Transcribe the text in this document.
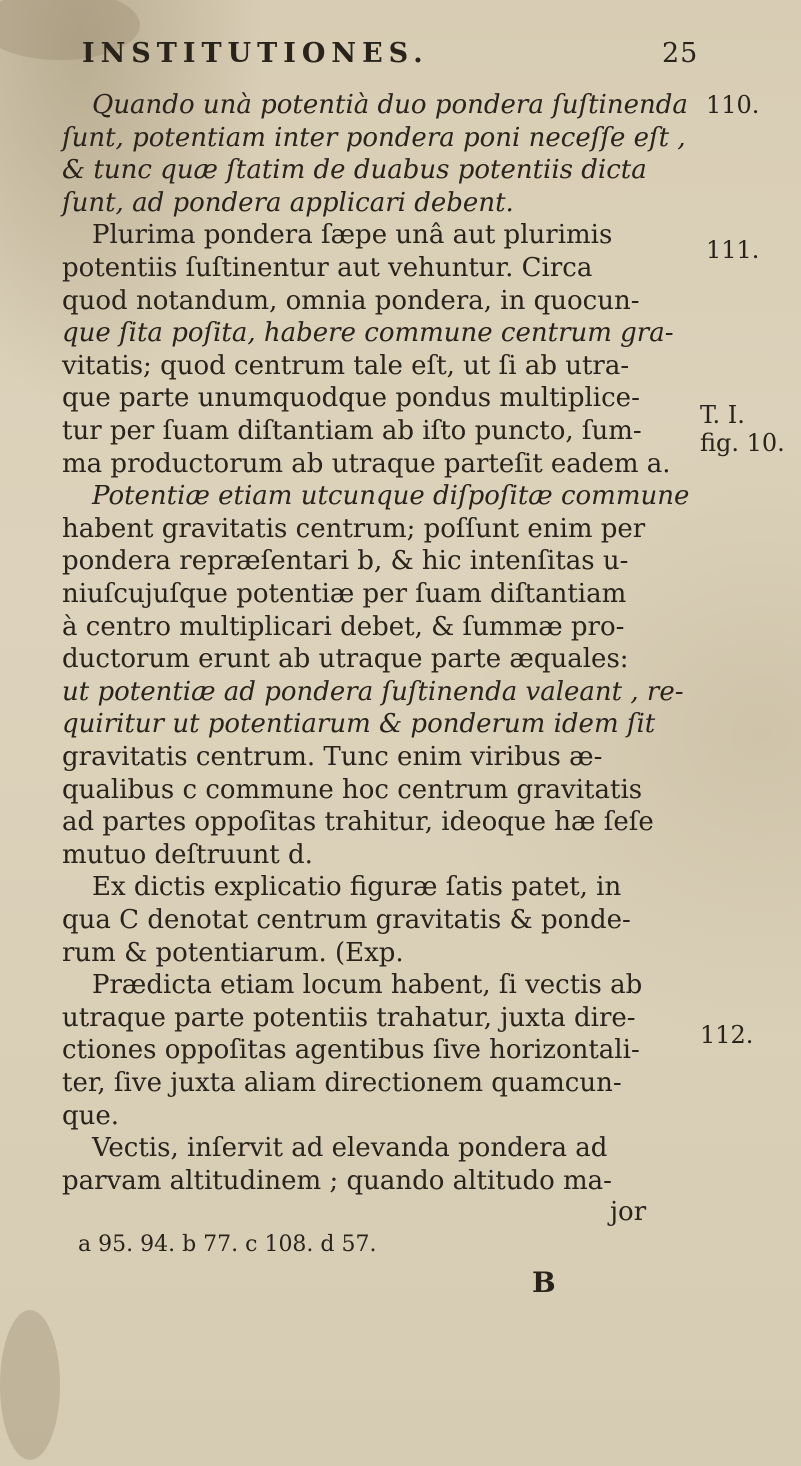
INSTITUTIONES.	25
Quando unà potentià duo pondera ſuſtinenda
ſunt, potentiam inter pondera poni neceſſe eſt ,
& tunc quæ ſtatim de duabus potentiis dicta
ſunt, ad pondera applicari debent.
Plurima pondera ſæpe unâ aut plurimis
potentiis ſuſtinentur aut vehuntur. Circa
quod notandum, omnia pondera, in quocun-
que ſita poſita, habere commune centrum gra-
vitatis; quod centrum tale eſt, ut ſi ab utra-
que parte unumquodque pondus multiplice-
tur per ſuam diſtantiam ab iſto puncto, ſum-
ma productorum ab utraque parteſit eadem a.
Potentiæ etiam utcunque diſpoſitæ commune
habent gravitatis centrum; poſſunt enim per
pondera repræſentari b, & hic intenſitas u-
niuſcujuſque potentiæ per ſuam diſtantiam
à centro multiplicari debet, & ſummæ pro-
ductorum erunt ab utraque parte æquales:
ut potentiæ ad pondera ſuſtinenda valeant , re-
quiritur ut potentiarum & ponderum idem ſit
gravitatis centrum. Tunc enim viribus æ-
qualibus c commune hoc centrum gravitatis
ad partes oppoſitas trahitur, ideoque hæ ſeſe
mutuo deſtruunt d.
Ex dictis explicatio figuræ ſatis patet, in
qua C denotat centrum gravitatis & ponde-
rum & potentiarum. (Exp.
Prædicta etiam locum habent, ſi vectis ab
utraque parte potentiis trahatur, juxta dire-
ctiones oppoſitas agentibus ſive horizontali-
ter, ſive juxta aliam directionem quamcun-
que.
Vectis, inſervit ad elevanda pondera ad
parvam altitudinem ; quando altitudo ma-
110.
111.
T. I.
fig. 10.
112.
jor
a 95. 94. b 77. c 108. d 57.
B
